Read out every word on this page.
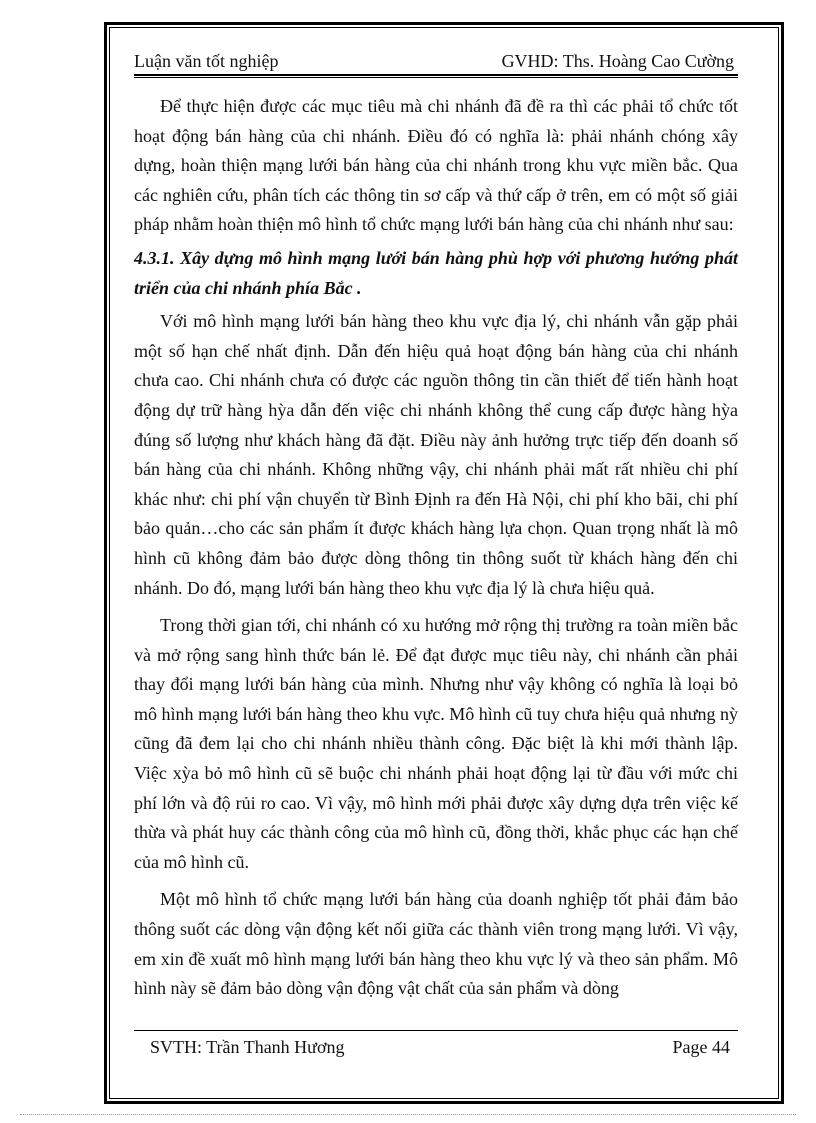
Luận văn tốt nghiệp	GVHD: Ths. Hoàng Cao Cường

Để thực hiện được các mục tiêu mà chi nhánh đã đề ra thì các phải tổ chức tốt hoạt động bán hàng của chi nhánh. Điều đó có nghĩa là: phải nhánh chóng xây dựng, hoàn thiện mạng lưới bán hàng của chi nhánh trong khu vực miền bắc. Qua các nghiên cứu, phân tích các thông tin sơ cấp và thứ cấp ở trên, em có một số giải pháp nhằm hoàn thiện mô hình tổ chức mạng lưới bán hàng của chi nhánh như sau:

4.3.1. Xây dựng mô hình mạng lưới bán hàng phù hợp với phương hướng phát triển của chi nhánh phía Bắc .

Với mô hình mạng lưới bán hàng theo khu vực địa lý, chi nhánh vẫn gặp phải một số hạn chế nhất định. Dẫn đến hiệu quả hoạt động bán hàng của chi nhánh chưa cao. Chi nhánh chưa có được các nguồn thông tin cần thiết để tiến hành hoạt động dự trữ hàng hỳa dẫn đến việc chi nhánh không thể cung cấp được hàng hỳa đúng số lượng như khách hàng đã đặt. Điều này ảnh hưởng trực tiếp đến doanh số bán hàng của chi nhánh. Không những vậy, chi nhánh phải mất rất nhiều chi phí khác như: chi phí vận chuyển từ Bình Định ra đến Hà Nội, chi phí kho bãi, chi phí bảo quản…cho các sản phẩm ít được khách hàng lựa chọn. Quan trọng nhất là mô hình cũ không đảm bảo được dòng thông tin thông suốt từ khách hàng đến chi nhánh. Do đó, mạng lưới bán hàng theo khu vực địa lý là chưa hiệu quả.

Trong thời gian tới, chi nhánh có xu hướng mở rộng thị trường ra toàn miền bắc và mở rộng sang hình thức bán lẻ. Để đạt được mục tiêu này, chi nhánh cần phải thay đổi mạng lưới bán hàng của mình. Nhưng như vậy không có nghĩa là loại bỏ mô hình mạng lưới bán hàng theo khu vực. Mô hình cũ tuy chưa hiệu quả nhưng nỳ cũng đã đem lại cho chi nhánh nhiều thành công. Đặc biệt là khi mới thành lập. Việc xỳa bỏ mô hình cũ sẽ buộc chi nhánh phải hoạt động lại từ đầu với mức chi phí lớn và độ rủi ro cao. Vì vậy, mô hình mới phải được xây dựng dựa trên việc kế thừa và phát huy các thành công của mô hình cũ, đồng thời, khắc phục các hạn chế của mô hình cũ.

Một mô hình tổ chức mạng lưới bán hàng của doanh nghiệp tốt phải đảm bảo thông suốt các dòng vận động kết nối giữa các thành viên trong mạng lưới. Vì vậy, em xin đề xuất mô hình mạng lưới bán hàng theo khu vực lý và theo sản phẩm. Mô hình này sẽ đảm bảo dòng vận động vật chất của sản phẩm và dòng

SVTH: Trần Thanh Hương	Page 44
